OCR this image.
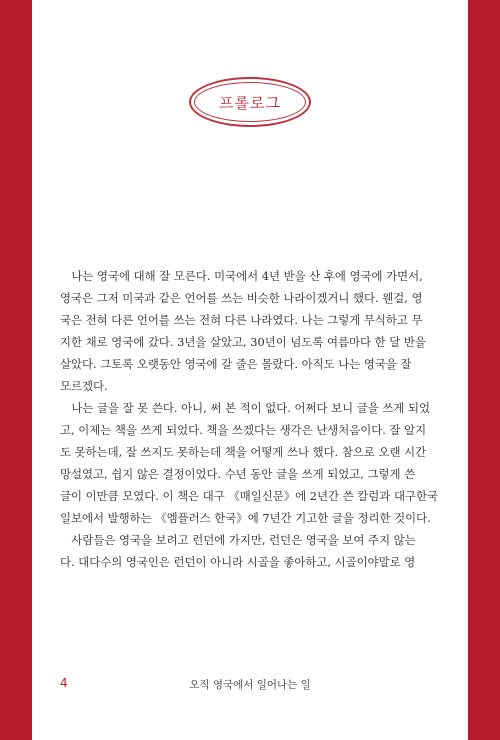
프롤로그
　나는 영국에 대해 잘 모른다. 미국에서 4년 반을 산 후에 영국에 가면서,
영국은 그저 미국과 같은 언어를 쓰는 비슷한 나라이겠거니 했다. 웬걸, 영
국은 전혀 다른 언어를 쓰는 전혀 다른 나라였다. 나는 그렇게 무식하고 무
지한 채로 영국에 갔다. 3년을 살았고, 30년이 넘도록 여름마다 한 달 반을
살았다. 그토록 오랫동안 영국에 갈 줄은 몰랐다. 아직도 나는 영국을 잘
모르겠다.
　나는 글을 잘 못 쓴다. 아니, 써 본 적이 없다. 어쩌다 보니 글을 쓰게 되었
고, 이제는 책을 쓰게 되었다. 책을 쓰겠다는 생각은 난생처음이다. 잘 알지
도 못하는데, 잘 쓰지도 못하는데 책을 어떻게 쓰나 했다. 참으로 오랜 시간
망설였고, 쉽지 않은 결정이었다. 수년 동안 글을 쓰게 되었고, 그렇게 쓴
글이 이만큼 모였다. 이 책은 대구 《매일신문》에 2년간 쓴 칼럼과 대구한국
일보에서 발행하는 《엠플러스 한국》에 7년간 기고한 글을 정리한 것이다.
　사람들은 영국을 보려고 런던에 가지만, 런던은 영국을 보여 주지 않는
다. 대다수의 영국인은 런던이 아니라 시골을 좋아하고, 시골이야말로 영
4	오직 영국에서 일어나는 일
